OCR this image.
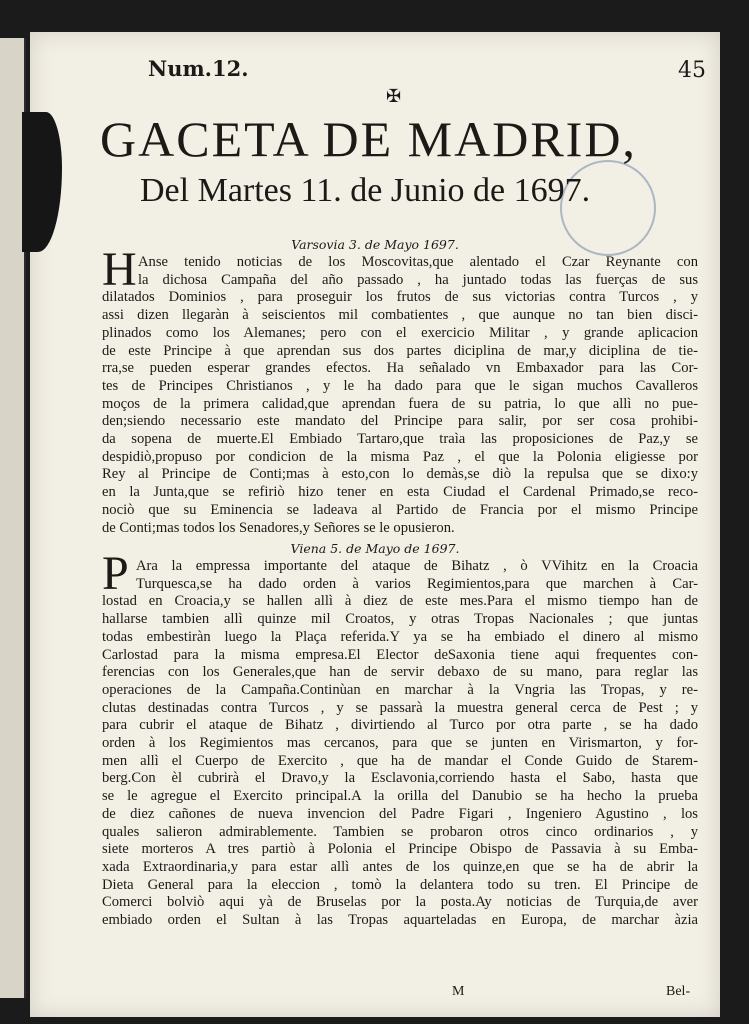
Num.12.	45
✠
GACETA DE MADRID,
Del Martes 11. de Junio de 1697.
Varsovia 3. de Mayo 1697.
H Anse tenido noticias de los Moscovitas,que alentado el Czar Reynante con
la dichosa Campaña del año passado , ha juntado todas las fuerças de sus
dilatados Dominios , para proseguir los frutos de sus victorias contra Turcos , y
assi dizen llegaràn à seiscientos mil combatientes , que aunque no tan bien disci-
plinados como los Alemanes; pero con el exercicio Militar , y grande aplicacion
de este Principe à que aprendan sus dos partes diciplina de mar,y diciplina de tie-
rra,se pueden esperar grandes efectos. Ha señalado vn Embaxador para las Cor-
tes de Principes Christianos , y le ha dado para que le sigan muchos Cavalleros
moços de la primera calidad,que aprendan fuera de su patria, lo que allì no pue-
den;siendo necessario este mandato del Principe para salir, por ser cosa prohibi-
da sopena de muerte.El Embiado Tartaro,que traìa las proposiciones de Paz,y se
despidiò,propuso por condicion de la misma Paz , el que la Polonia eligiesse por
Rey al Principe de Conti;mas à esto,con lo demàs,se diò la repulsa que se dixo:y
en la Junta,que se refiriò hizo tener en esta Ciudad el Cardenal Primado,se reco-
nociò que su Eminencia se ladeava al Partido de Francia por el mismo Principe
de Conti;mas todos los Senadores,y Señores se le opusieron.
Viena 5. de Mayo de 1697.
P Ara la empressa importante del ataque de Bihatz , ò VVihitz en la Croacia
Turquesca,se ha dado orden à varios Regimientos,para que marchen à Car-
lostad en Croacia,y se hallen allì à diez de este mes.Para el mismo tiempo han de
hallarse tambien allì quinze mil Croatos, y otras Tropas Nacionales ; que juntas
todas embestiràn luego la Plaça referida.Y ya se ha embiado el dinero al mismo
Carlostad para la misma empresa.El Elector deSaxonia tiene aqui frequentes con-
ferencias con los Generales,que han de servir debaxo de su mano, para reglar las
operaciones de la Campaña.Continùan en marchar à la Vngria las Tropas, y re-
clutas destinadas contra Turcos , y se passarà la muestra general cerca de Pest ; y
para cubrir el ataque de Bihatz , divirtiendo al Turco por otra parte , se ha dado
orden à los Regimientos mas cercanos, para que se junten en Virismarton, y for-
men allì el Cuerpo de Exercito , que ha de mandar el Conde Guido de Starem-
berg.Con èl cubrirà el Dravo,y la Esclavonia,corriendo hasta el Sabo, hasta que
se le agregue el Exercito principal.A la orilla del Danubio se ha hecho la prueba
de diez cañones de nueva invencion del Padre Figari , Ingeniero Agustino , los
quales salieron admirablemente. Tambien se probaron otros cinco ordinarios , y
siete morteros A tres partiò à Polonia el Principe Obispo de Passavia à su Emba-
xada Extraordinaria,y para estar allì antes de los quinze,en que se ha de abrir la
Dieta General para la eleccion , tomò la delantera todo su tren. El Principe de
Comerci bolviò aqui yà de Bruselas por la posta.Ay noticias de Turquia,de aver
embiado orden el Sultan à las Tropas aquarteladas en Europa, de marchar àzia
M	Bel-
